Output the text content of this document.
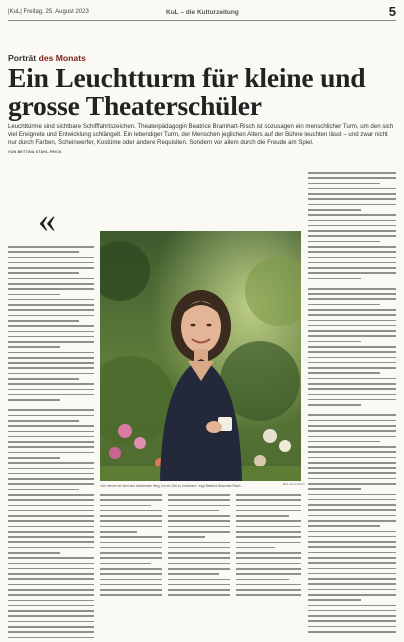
|KuL| Freitag, 25. August 2023	KuL – die Kulturzeitung	5
Porträt des Monats
Ein Leuchtturm für kleine und grosse Theaterschüler
Leuchttürme sind sichtbare Schifffahrtszeichen. Theaterpädagogin Beatrice Bramhart-Risch ist sozusagen ein menschlicher Turm, um den sich viel Ereignete und Entwicklung schlängelt. Ein lebendiger Turm, der Menschen jeglichen Alters auf der Bühne leuchten lässt – und zwar nicht nur durch Farben, Scheinwerfer, Kostüme oder andere Requisiten. Sondern vor allem durch die Freude am Spiel.
VON BETTINA STAHL-FRICK
«
Bild: Anna Risch
«Ich nehme oft nicht den einfachsten Weg, um ein Ziel zu erreichen», sagt Beatrice Bramhart-Risch.
